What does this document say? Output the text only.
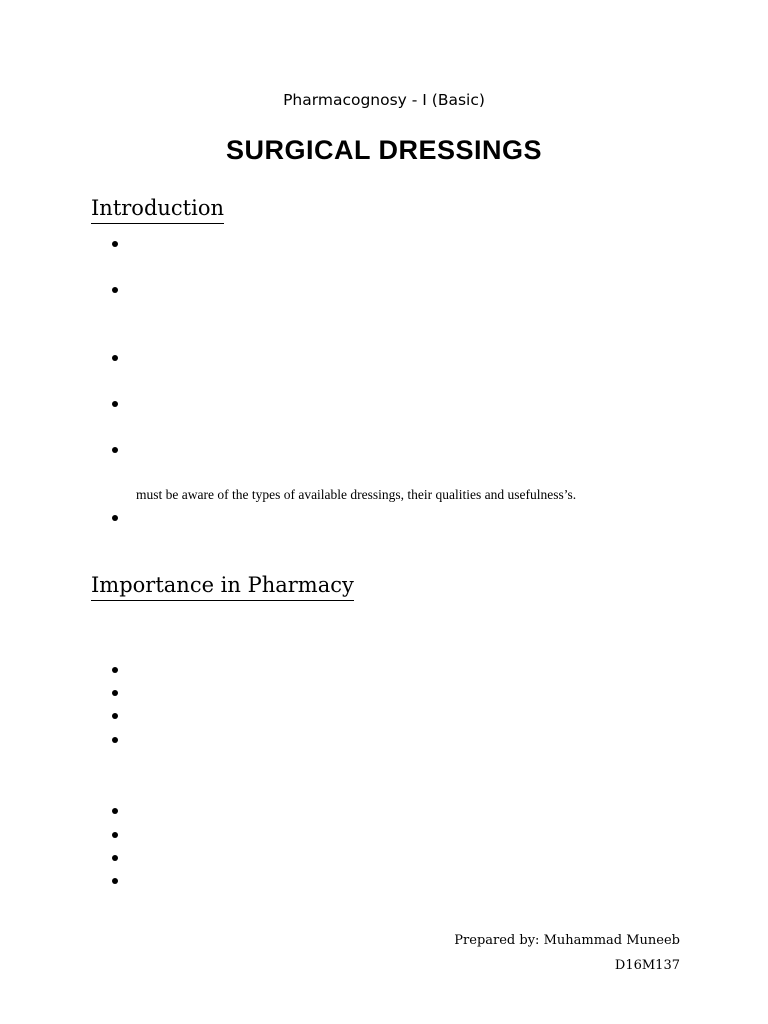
Pharmacognosy - I (Basic)
SURGICAL DRESSINGS
Introduction
must be aware of the types of available dressings, their qualities and usefulness’s.
Importance in Pharmacy
Prepared by: Muhammad Muneeb
D16M137
